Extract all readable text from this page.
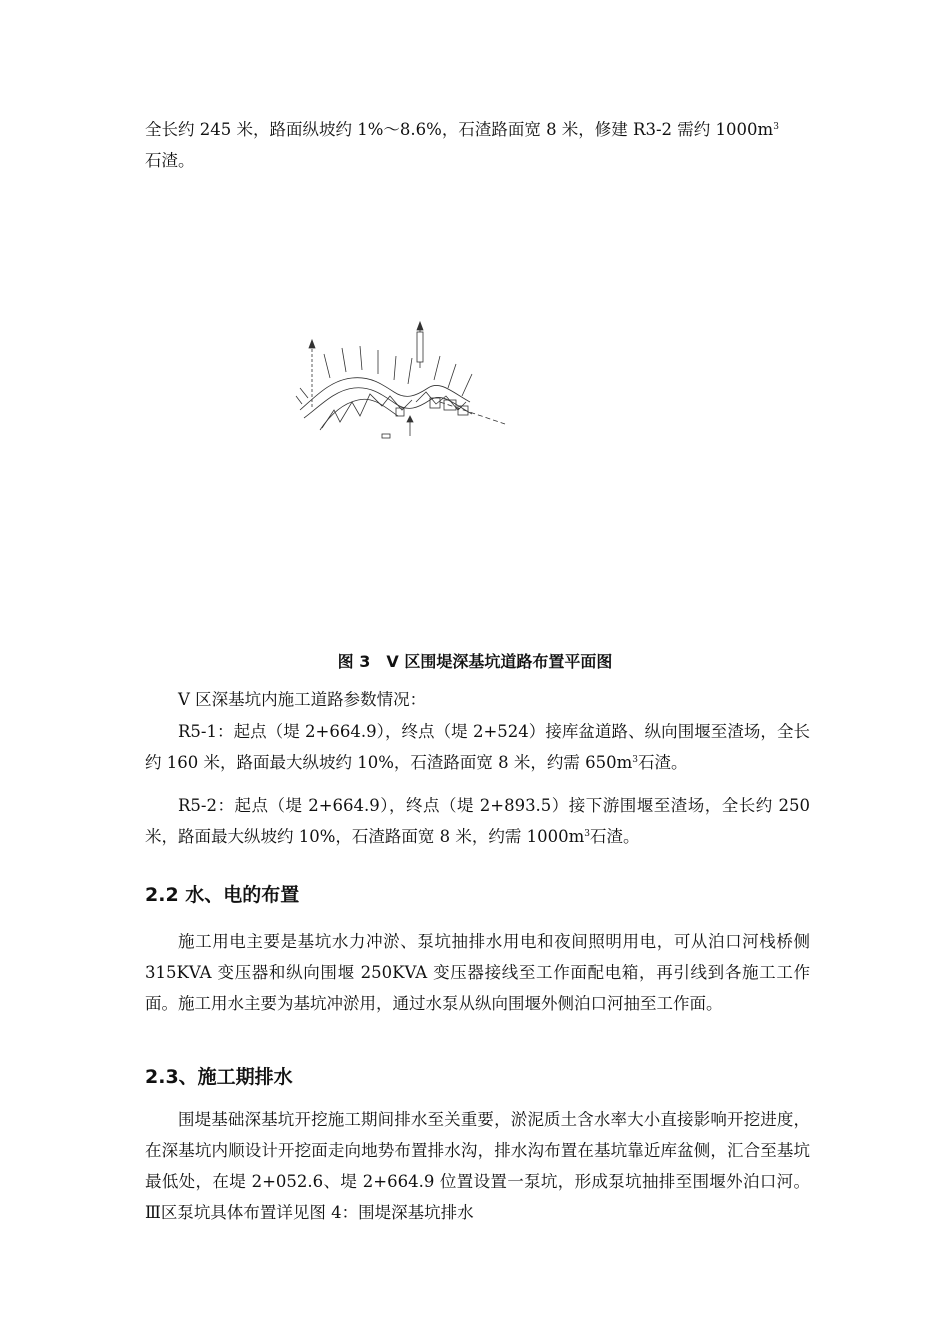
全长约 245 米，路面纵坡约 1%～8.6%，石渣路面宽 8 米，修建 R3-2 需约 $1000m^3$
石渣。

图 3　Ⅴ 区围堤深基坑道路布置平面图

Ⅴ 区深基坑内施工道路参数情况：

R5-1：起点（堤 2+664.9），终点（堤 2+524）接库盆道路、纵向围堰至渣场，全长约 160 米，路面最大纵坡约 10%，石渣路面宽 8 米，约需 $650m^3$石渣。

R5-2：起点（堤 2+664.9），终点（堤 2+893.5）接下游围堰至渣场，全长约 250 米，路面最大纵坡约 10%，石渣路面宽 8 米，约需 $1000m^3$石渣。

2.2 水、电的布置

施工用电主要是基坑水力冲淤、泵坑抽排水用电和夜间照明用电，可从泊口河栈桥侧 315KVA 变压器和纵向围堰 250KVA 变压器接线至工作面配电箱，再引线到各施工工作面。施工用水主要为基坑冲淤用，通过水泵从纵向围堰外侧泊口河抽至工作面。

2.3、施工期排水

围堤基础深基坑开挖施工期间排水至关重要，淤泥质土含水率大小直接影响开挖进度，在深基坑内顺设计开挖面走向地势布置排水沟，排水沟布置在基坑靠近库盆侧，汇合至基坑最低处，在堤 2+052.6、堤 2+664.9 位置设置一泵坑，形成泵坑抽排至围堰外泊口河。Ⅲ区泵坑具体布置详见图 4：围堤深基坑排水
